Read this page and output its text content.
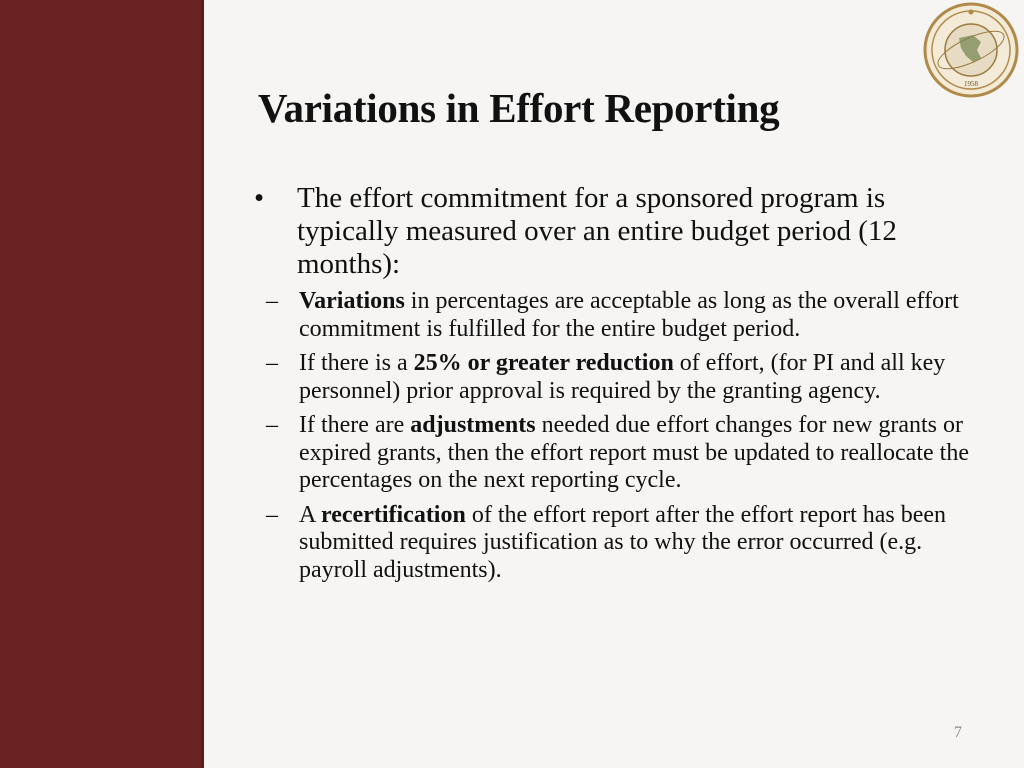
1958
Variations in Effort Reporting
• The effort commitment for a sponsored program is typically measured over an entire budget period (12 months):
– Variations in percentages are acceptable as long as the overall effort commitment is fulfilled for the entire budget period.
– If there is a 25% or greater reduction of effort, (for PI and all key personnel) prior approval is required by the granting agency.
– If there are adjustments needed due effort changes for new grants or expired grants, then the effort report must be updated to reallocate the percentages on the next reporting cycle.
– A recertification of the effort report after the effort report has been submitted requires justification as to why the error occurred (e.g. payroll adjustments).
7
